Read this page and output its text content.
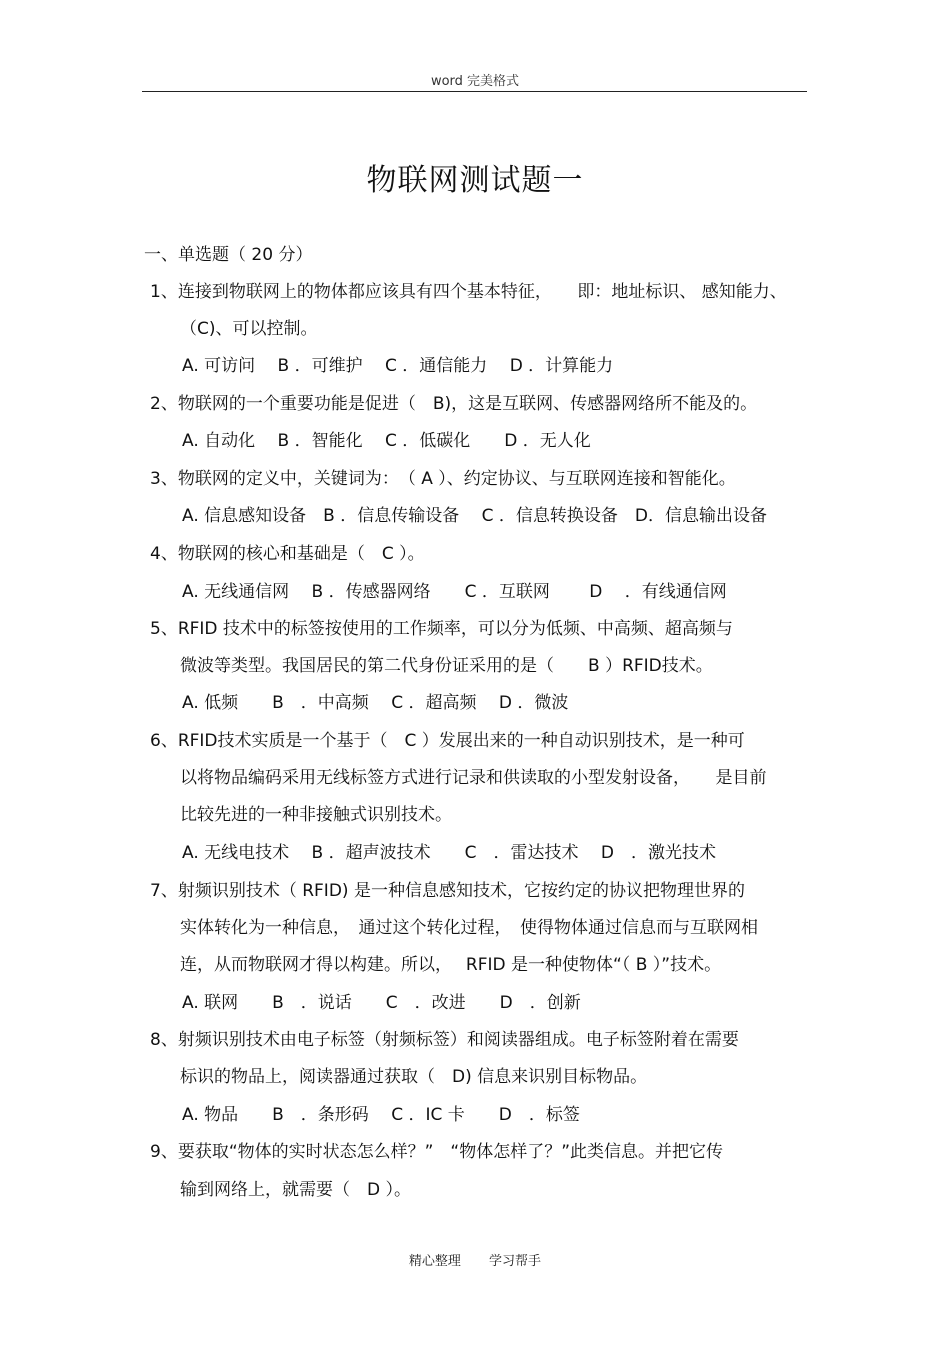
word 完美格式
物联网测试题一
一、单选题（ 20 分）
1、连接到物联网上的物体都应该具有四个基本特征，　　即：地址标识、 感知能力、
（C)、可以控制。
A. 可访问　 B ．可维护　 C ．通信能力　 D ．计算能力
2、物联网的一个重要功能是促进（　B)，这是互联网、传感器网络所不能及的。
A. 自动化　 B ．智能化　 C ．低碳化　　D ．无人化
3、物联网的定义中，关键词为：　（ A ）、约定协议、与互联网连接和智能化。
A. 信息感知设备　B ．信息传输设备　 C ．信息转换设备　D．信息输出设备
4、物联网的核心和基础是（　C ）。
A. 无线通信网　 B ．传感器网络　　C ．互联网　　 D　 ．有线通信网
5、RFID 技术中的标签按使用的工作频率，可以分为低频、中高频、超高频与
微波等类型。我国居民的第二代身份证采用的是（　　B ）RFID技术。
A. 低频　　B　．中高频　 C ．超高频　 D ．微波
6、RFID技术实质是一个基于（　C ）发展出来的一种自动识别技术，是一种可
以将物品编码采用无线标签方式进行记录和供读取的小型发射设备，　　是目前
比较先进的一种非接触式识别技术。
A. 无线电技术　 B ．超声波技术　　C　．雷达技术　 D　．激光技术
7、射频识别技术（ RFID) 是一种信息感知技术，它按约定的协议把物理世界的
实体转化为一种信息，　通过这个转化过程，　使得物体通过信息而与互联网相
连，从而物联网才得以构建。所以，　 RFID 是一种使物体“（ B ）”技术。
A. 联网　　B　．说话　　C　．改进　　D　．创新
8、射频识别技术由电子标签（射频标签）和阅读器组成。电子标签附着在需要
标识的物品上，阅读器通过获取（　D) 信息来识别目标物品。
A. 物品　　B　．条形码　 C ．IC 卡　　D　．标签
9、要获取“物体的实时状态怎么样？”　“物体怎样了？”此类信息。并把它传
输到网络上，就需要（　D ）。
精心整理 学习帮手
